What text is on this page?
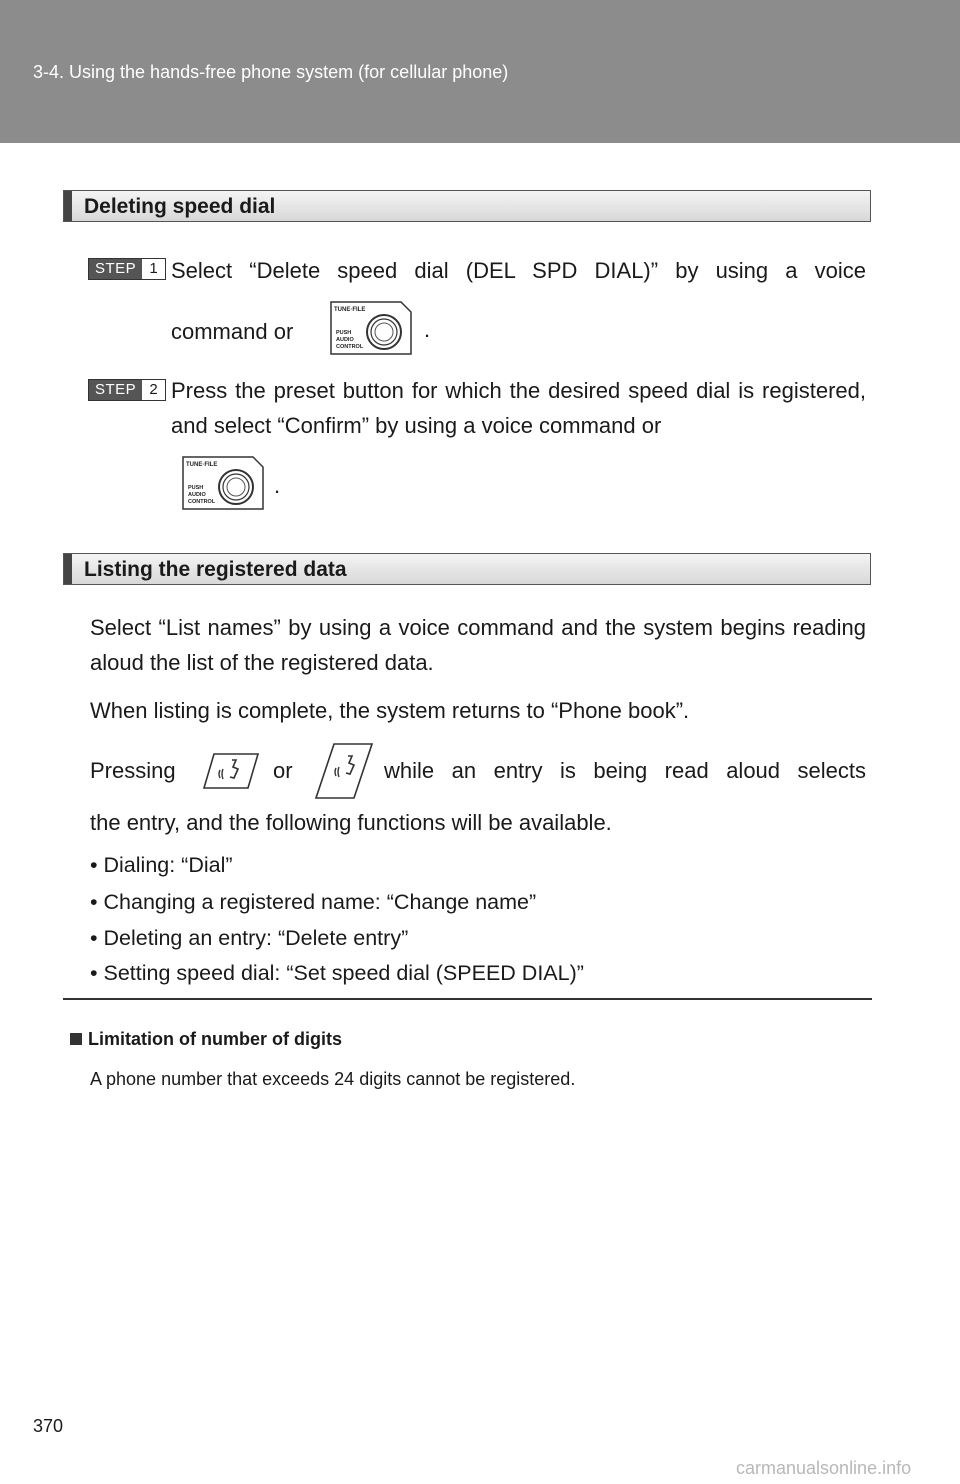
3-4. Using the hands-free phone system (for cellular phone)
Deleting speed dial
STEP 1 Select “Delete speed dial (DEL SPD DIAL)” by using a voice
command or
TUNE·FILE
PUSH
AUDIO
CONTROL
.
STEP 2 Press the preset button for which the desired speed dial is registered, and select “Confirm” by using a voice command or
TUNE·FILE
PUSH
AUDIO
CONTROL
.
Listing the registered data
Select “List names” by using a voice command and the system begins reading aloud the list of the registered data.
When listing is complete, the system returns to “Phone book”.
Pressing	or	while an entry is being read aloud selects
the entry, and the following functions will be available.
• Dialing: “Dial”
• Changing a registered name: “Change name”
• Deleting an entry: “Delete entry”
• Setting speed dial: “Set speed dial (SPEED DIAL)”
Limitation of number of digits
A phone number that exceeds 24 digits cannot be registered.
370
carmanualsonline.info
